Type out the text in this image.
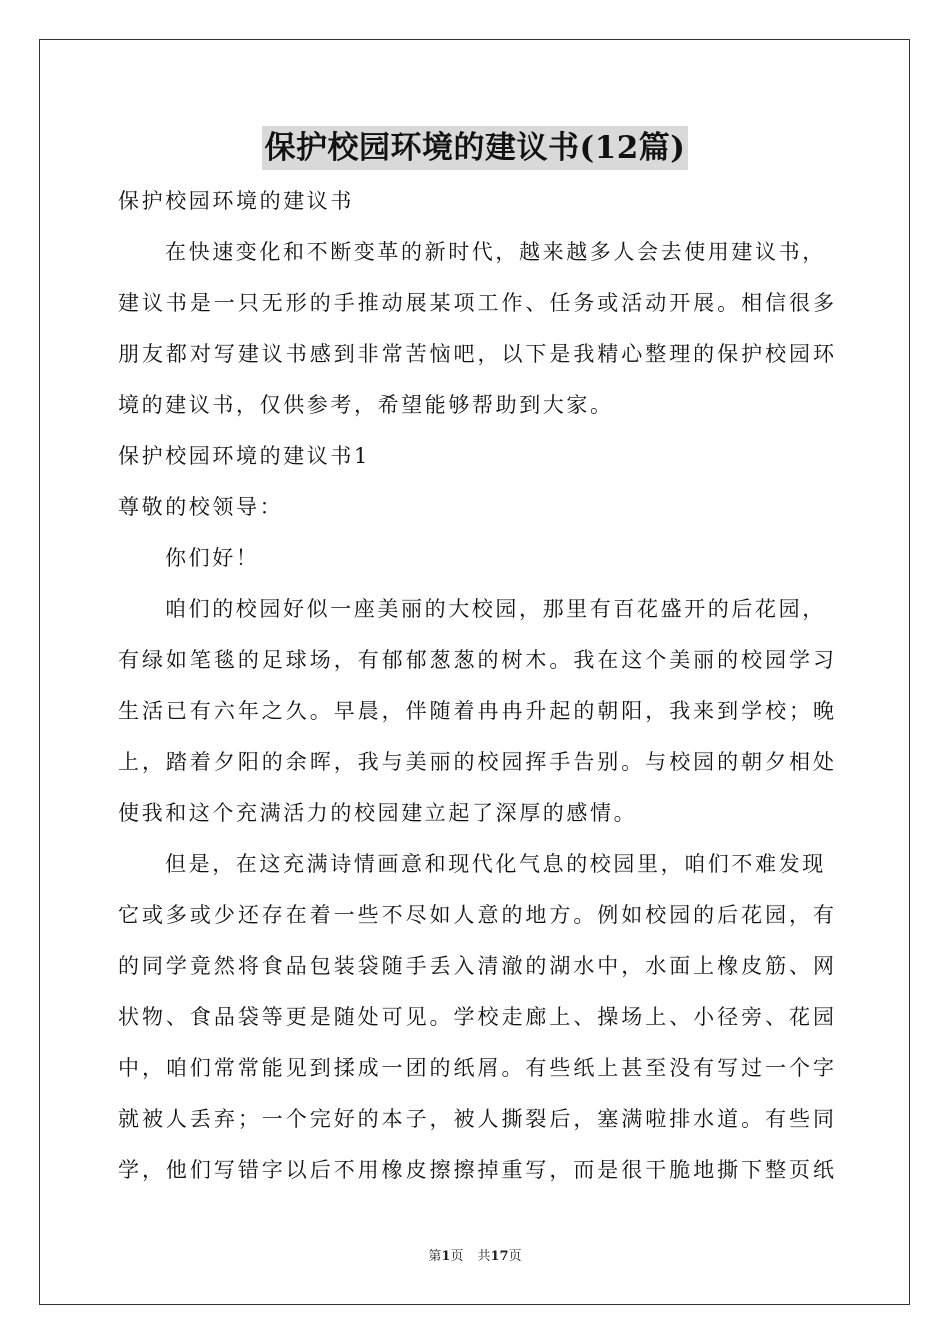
保护校园环境的建议书(12篇)
保护校园环境的建议书
在快速变化和不断变革的新时代，越来越多人会去使用建议书，
建议书是一只无形的手推动展某项工作、任务或活动开展。相信很多
朋友都对写建议书感到非常苦恼吧，以下是我精心整理的保护校园环
境的建议书，仅供参考，希望能够帮助到大家。
保护校园环境的建议书1
尊敬的校领导：
你们好！
咱们的校园好似一座美丽的大校园，那里有百花盛开的后花园，
有绿如笔毯的足球场，有郁郁葱葱的树木。我在这个美丽的校园学习
生活已有六年之久。早晨，伴随着冉冉升起的朝阳，我来到学校；晚
上，踏着夕阳的余晖，我与美丽的校园挥手告别。与校园的朝夕相处
使我和这个充满活力的校园建立起了深厚的感情。
但是，在这充满诗情画意和现代化气息的校园里，咱们不难发现
它或多或少还存在着一些不尽如人意的地方。例如校园的后花园，有
的同学竟然将食品包装袋随手丢入清澈的湖水中，水面上橡皮筋、网
状物、食品袋等更是随处可见。学校走廊上、操场上、小径旁、花园
中，咱们常常能见到揉成一团的纸屑。有些纸上甚至没有写过一个字
就被人丢弃；一个完好的本子，被人撕裂后，塞满啦排水道。有些同
学，他们写错字以后不用橡皮擦擦掉重写，而是很干脆地撕下整页纸
第1页 共17页
